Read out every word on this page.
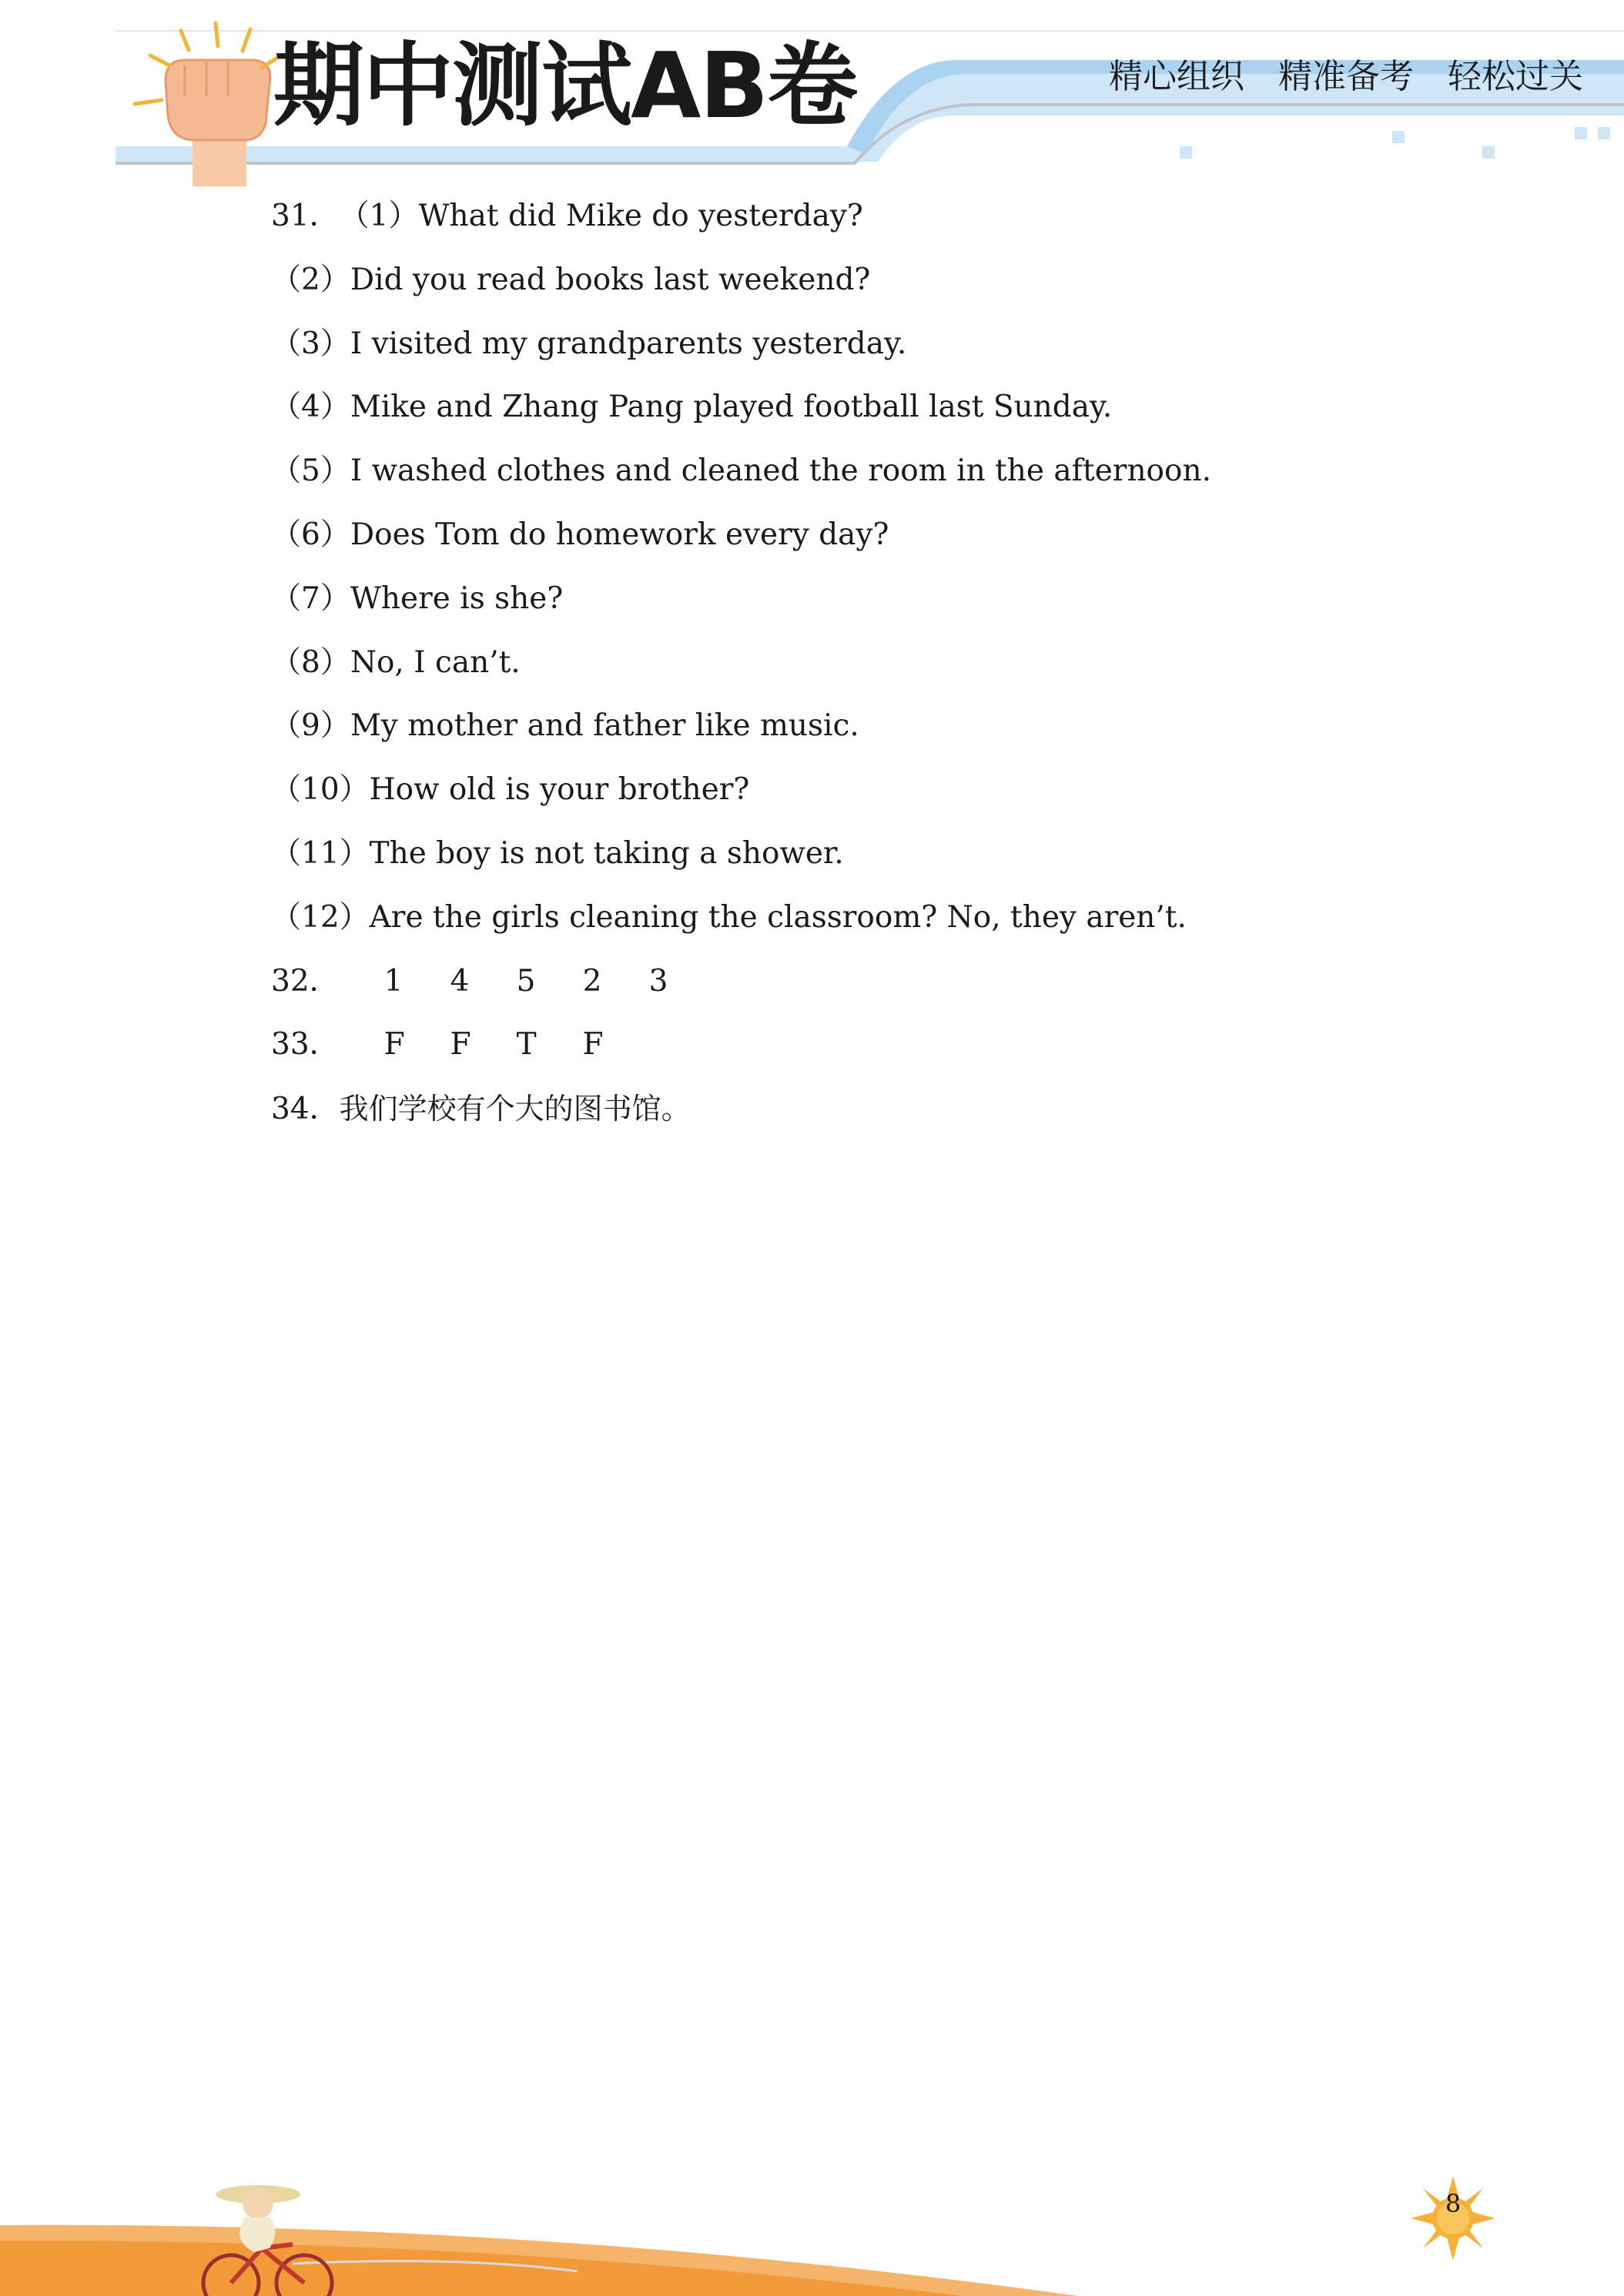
期中测试AB卷	精心组织 精准备考 轻松过关
31．（1）What did Mike do yesterday?
（2）Did you read books last weekend?
（3）I visited my grandparents yesterday.
（4）Mike and Zhang Pang played football last Sunday.
（5）I washed clothes and cleaned the room in the afternoon.
（6）Does Tom do homework every day?
（7）Where is she?
（8）No, I can’t.
（9）My mother and father like music.
（10）How old is your brother?
（11）The boy is not taking a shower.
（12）Are the girls cleaning the classroom? No, they aren’t.
32． 1 4 5 2 3
33． F F T F
34．我们学校有个大的图书馆。
8
